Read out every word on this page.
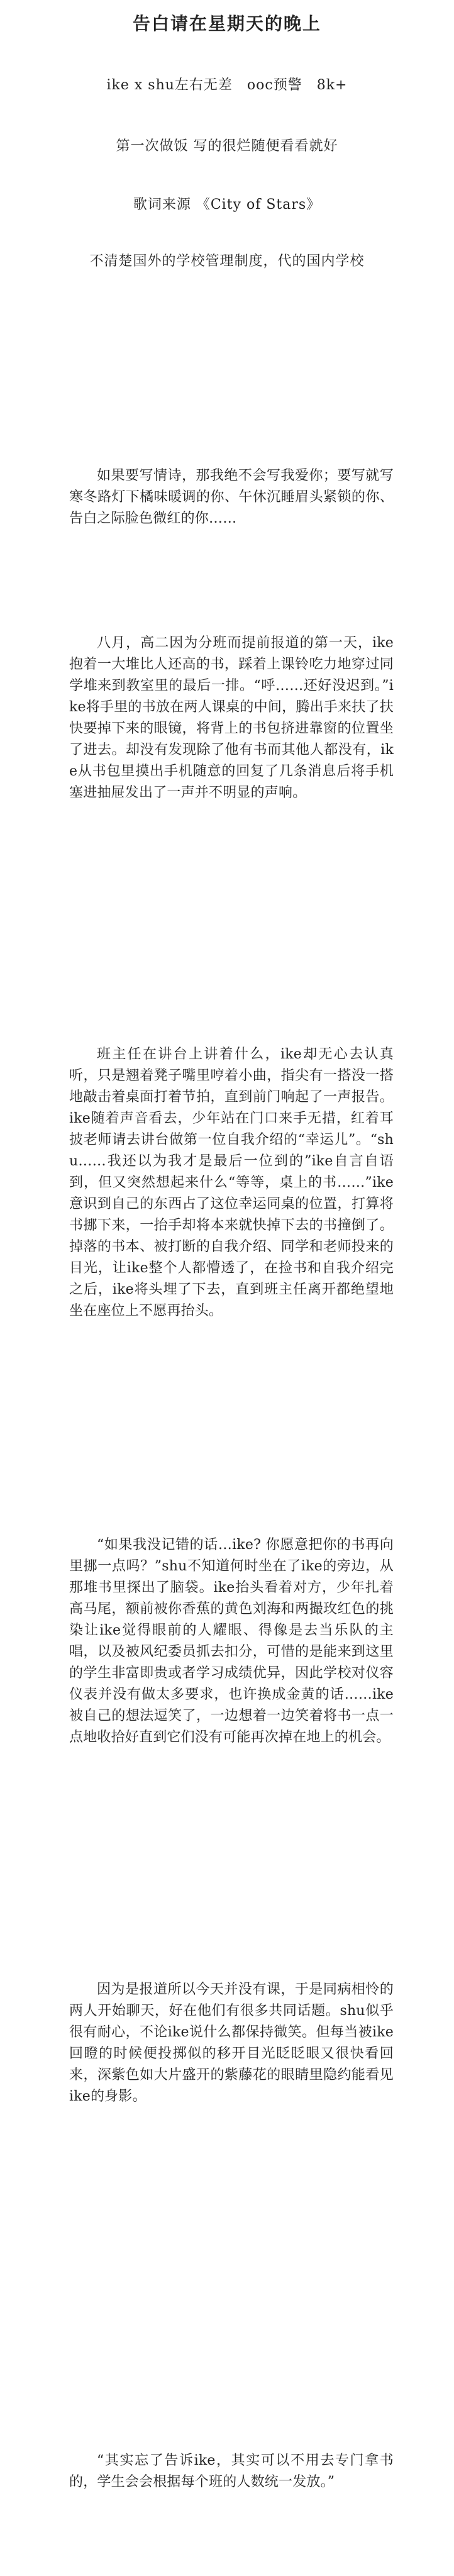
告白请在星期天的晚上
ike x shu左右无差　ooc预警　8k+
第一次做饭 写的很烂随便看看就好
歌词来源 《City of Stars》
不清楚国外的学校管理制度，代的国内学校

如果要写情诗，那我绝不会写我爱你；要写就写寒冬路灯下橘味暖调的你、午休沉睡眉头紧锁的你、告白之际脸色微红的你……

八月，高二因为分班而提前报道的第一天，ike抱着一大堆比人还高的书，踩着上课铃吃力地穿过同学堆来到教室里的最后一排。“呼……还好没迟到。”ike将手里的书放在两人课桌的中间，腾出手来扶了扶快要掉下来的眼镜，将背上的书包挤进靠窗的位置坐了进去。却没有发现除了他有书而其他人都没有，ike从书包里摸出手机随意的回复了几条消息后将手机塞进抽屉发出了一声并不明显的声响。

班主任在讲台上讲着什么，ike却无心去认真听，只是翘着凳子嘴里哼着小曲，指尖有一搭没一搭地敲击着桌面打着节拍，直到前门响起了一声报告。ike随着声音看去，少年站在门口来手无措，红着耳披老师请去讲台做第一位自我介绍的“幸运儿”。“shu……我还以为我才是最后一位到的”ike自言自语到，但又突然想起来什么“等等，桌上的书……”ike意识到自己的东西占了这位幸运同桌的位置，打算将书挪下来，一抬手却将本来就快掉下去的书撞倒了。掉落的书本、被打断的自我介绍、同学和老师投来的目光，让ike整个人都懵透了，在捡书和自我介绍完之后，ike将头埋了下去，直到班主任离开都绝望地坐在座位上不愿再抬头。

“如果我没记错的话…ike? 你愿意把你的书再向里挪一点吗？”shu不知道何时坐在了ike的旁边，从那堆书里探出了脑袋。ike抬头看着对方，少年扎着高马尾，额前被你香蕉的黄色刘海和两撮玫红色的挑染让ike觉得眼前的人耀眼、得像是去当乐队的主唱，以及被风纪委员抓去扣分，可惜的是能来到这里的学生非富即贵或者学习成绩优异，因此学校对仪容仪表并没有做太多要求，也许换成金黄的话……ike被自己的想法逗笑了，一边想着一边笑着将书一点一点地收拾好直到它们没有可能再次掉在地上的机会。

因为是报道所以今天并没有课，于是同病相怜的两人开始聊天，好在他们有很多共同话题。shu似乎很有耐心，不论ike说什么都保持微笑。但每当被ike回瞪的时候便投掷似的移开目光眨眨眼又很快看回来，深紫色如大片盛开的紫藤花的眼睛里隐约能看见ike的身影。

“其实忘了告诉ike，其实可以不用去专门拿书的，学生会会根据每个班的人数统一发放。”
